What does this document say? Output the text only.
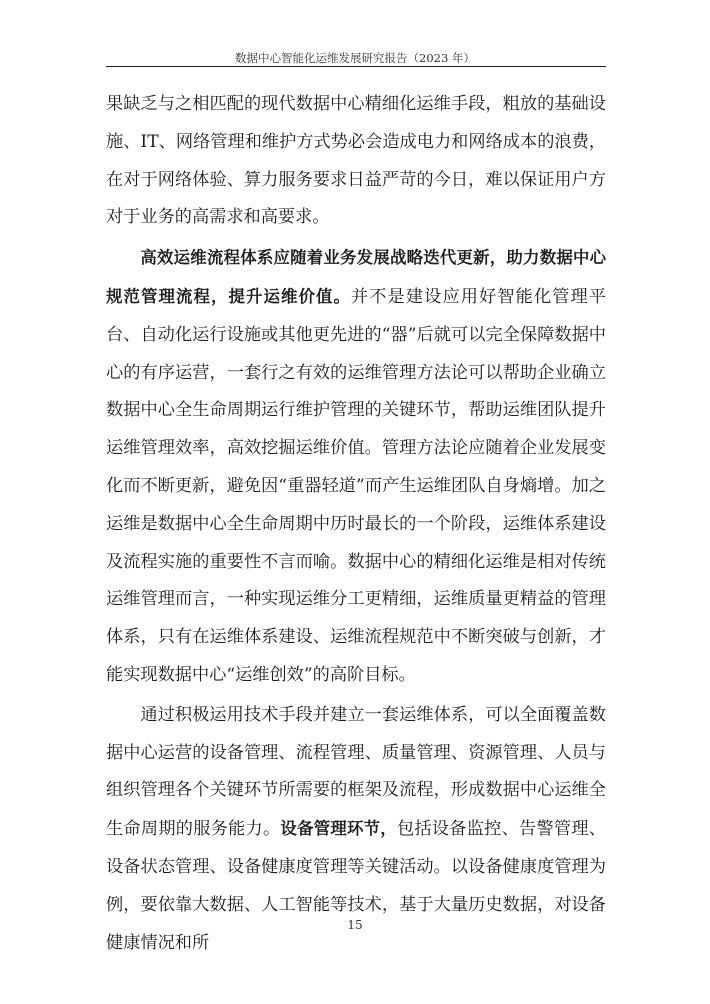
数据中心智能化运维发展研究报告（2023 年）

果缺乏与之相匹配的现代数据中心精细化运维手段，粗放的基础设施、IT、网络管理和维护方式势必会造成电力和网络成本的浪费，在对于网络体验、算力服务要求日益严苛的今日，难以保证用户方对于业务的高需求和高要求。

高效运维流程体系应随着业务发展战略迭代更新，助力数据中心规范管理流程，提升运维价值。并不是建设应用好智能化管理平台、自动化运行设施或其他更先进的“器”后就可以完全保障数据中心的有序运营，一套行之有效的运维管理方法论可以帮助企业确立数据中心全生命周期运行维护管理的关键环节，帮助运维团队提升运维管理效率，高效挖掘运维价值。管理方法论应随着企业发展变化而不断更新，避免因“重器轻道”而产生运维团队自身熵增。加之运维是数据中心全生命周期中历时最长的一个阶段，运维体系建设及流程实施的重要性不言而喻。数据中心的精细化运维是相对传统运维管理而言，一种实现运维分工更精细，运维质量更精益的管理体系，只有在运维体系建设、运维流程规范中不断突破与创新，才能实现数据中心“运维创效”的高阶目标。

通过积极运用技术手段并建立一套运维体系，可以全面覆盖数据中心运营的设备管理、流程管理、质量管理、资源管理、人员与组织管理各个关键环节所需要的框架及流程，形成数据中心运维全生命周期的服务能力。设备管理环节，包括设备监控、告警管理、设备状态管理、设备健康度管理等关键活动。以设备健康度管理为例，要依靠大数据、人工智能等技术，基于大量历史数据，对设备健康情况和所

15
